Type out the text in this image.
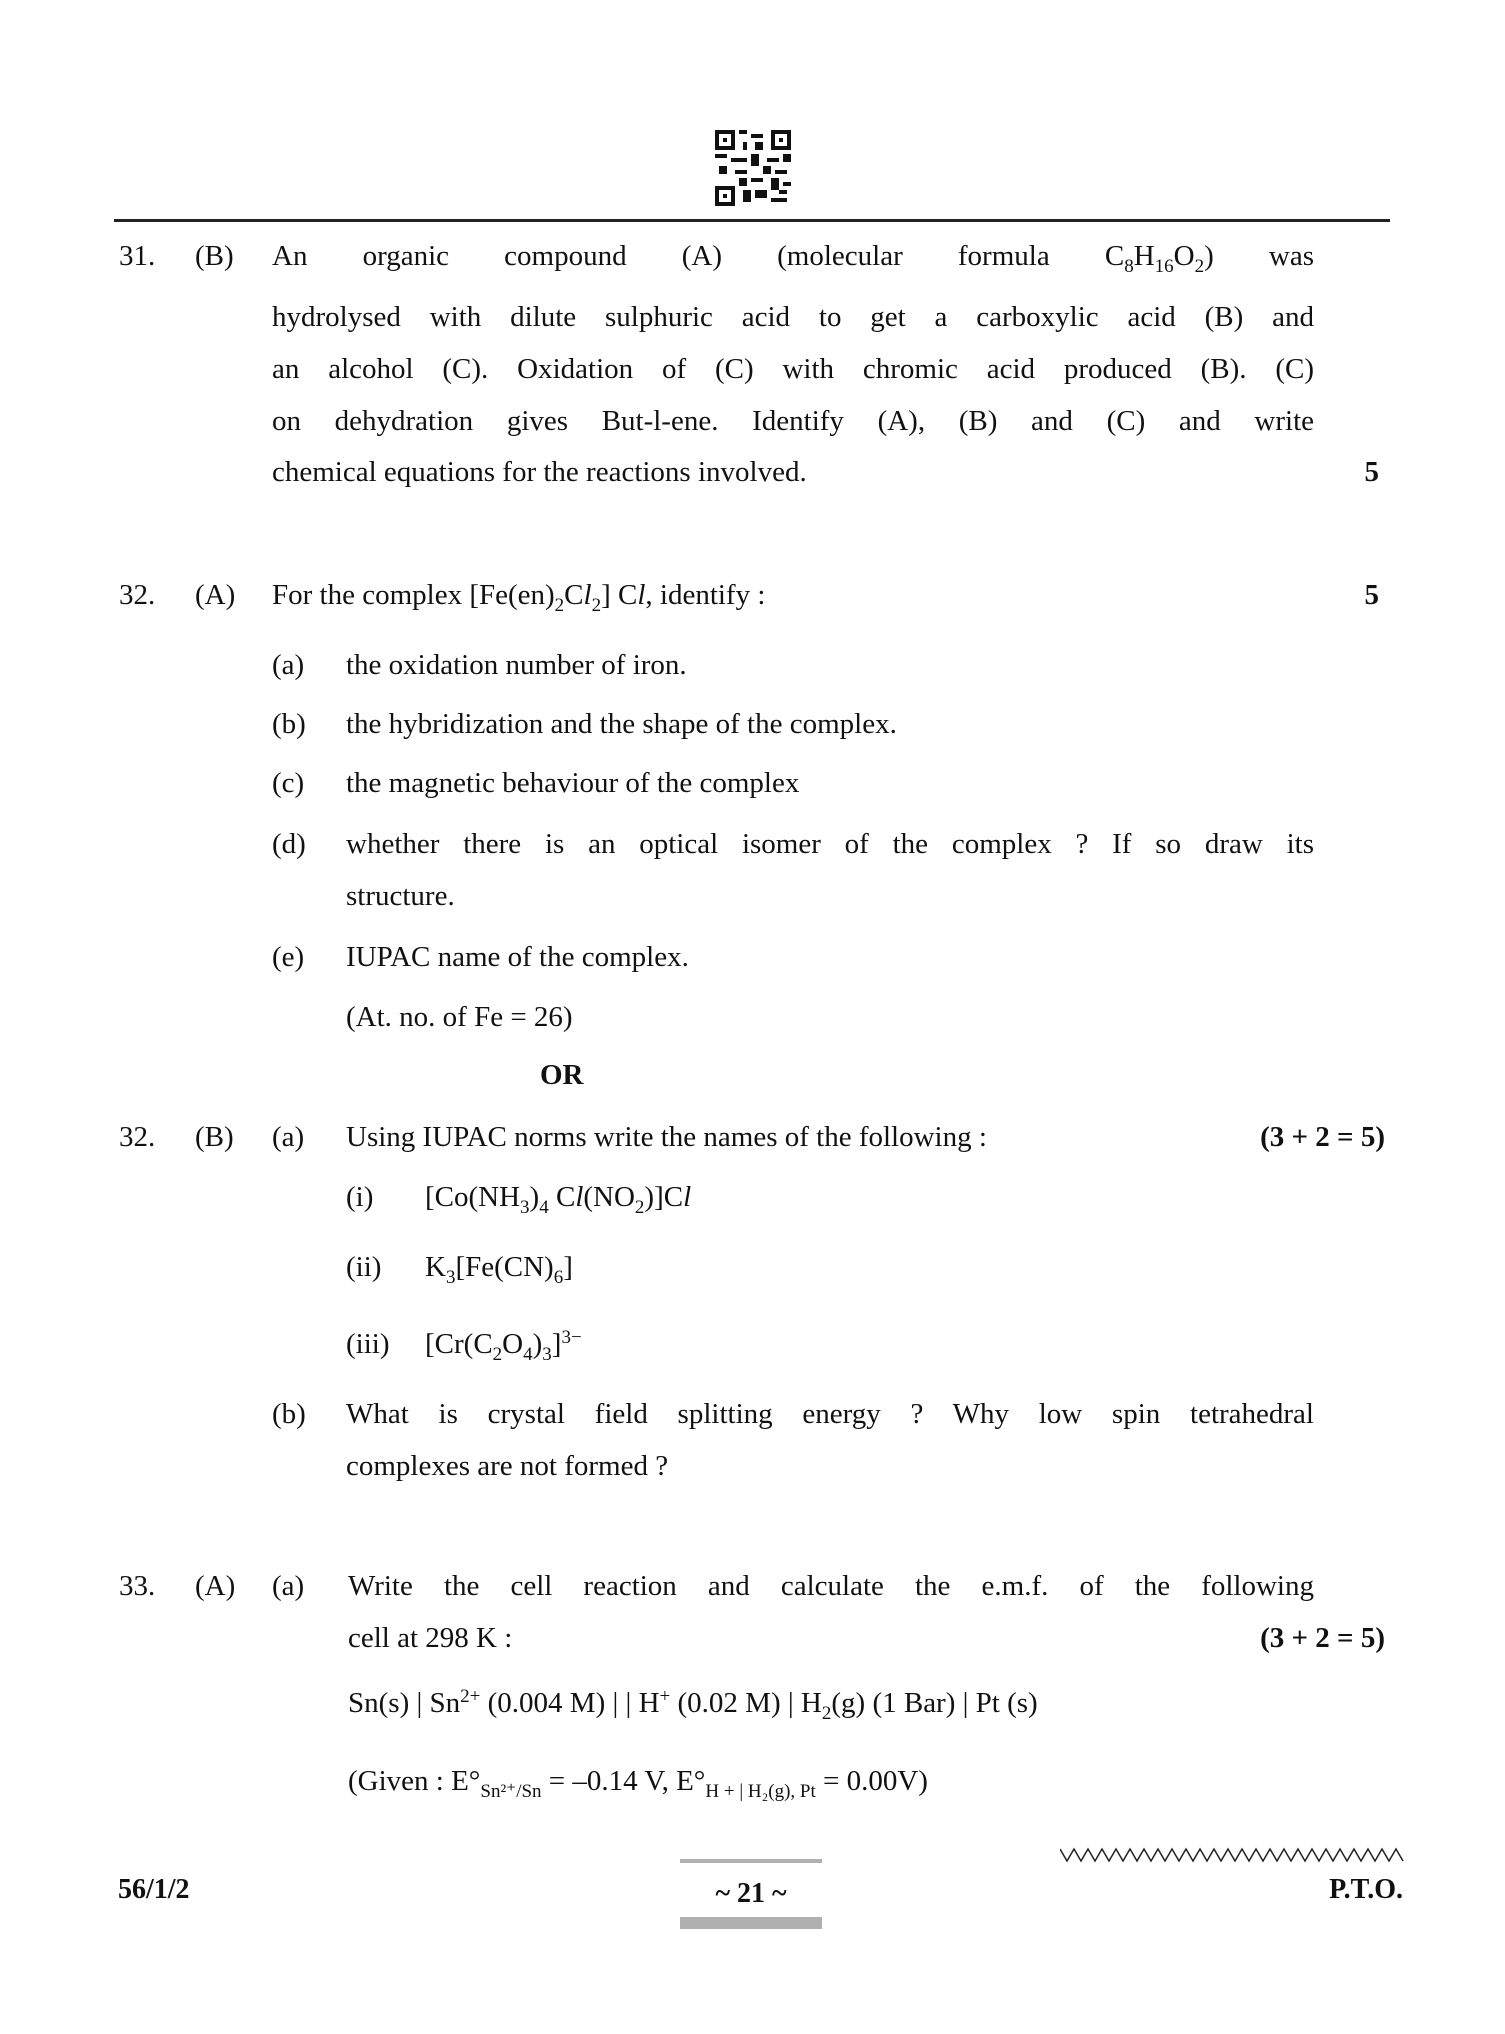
31. (B) An organic compound (A) (molecular formula $C_8H_{16}O_2$) was
hydrolysed with dilute sulphuric acid to get a carboxylic acid (B) and
an alcohol (C). Oxidation of (C) with chromic acid produced (B). (C)
on dehydration gives But-l-ene. Identify (A), (B) and (C) and write
chemical equations for the reactions involved.	5
32. (A) For the complex $[Fe(en)_2Cl_2]$ Cl, identify :	5
(a) the oxidation number of iron.
(b) the hybridization and the shape of the complex.
(c) the magnetic behaviour of the complex
(d) whether there is an optical isomer of the complex ? If so draw its
structure.
(e) IUPAC name of the complex.
(At. no. of Fe = 26)
OR
32. (B) (a) Using IUPAC norms write the names of the following :	(3 + 2 = 5)
(i) [$Co(NH_3)_4$ $Cl(NO_2)]Cl$
(ii) $K_3[Fe(CN)_6]$
(iii) $[Cr(C_2O_4)_3]^{3-}$
(b) What is crystal field splitting energy ? Why low spin tetrahedral
complexes are not formed ?
33. (A) (a) Write the cell reaction and calculate the e.m.f. of the following
cell at 298 K :	(3 + 2 = 5)
Sn(s) | $Sn^{2+}$ (0.004 M) | | H+ (0.02 M) | $H_2(g)$ (1 Bar) | Pt (s)
(Given : $E^\circ_{Sn^{2+}/Sn} = -0.14$ V, $E^\circ_{H + | H_2(g), Pt} = 0.00V$)
56/1/2	~ 21 ~	P.T.O.
